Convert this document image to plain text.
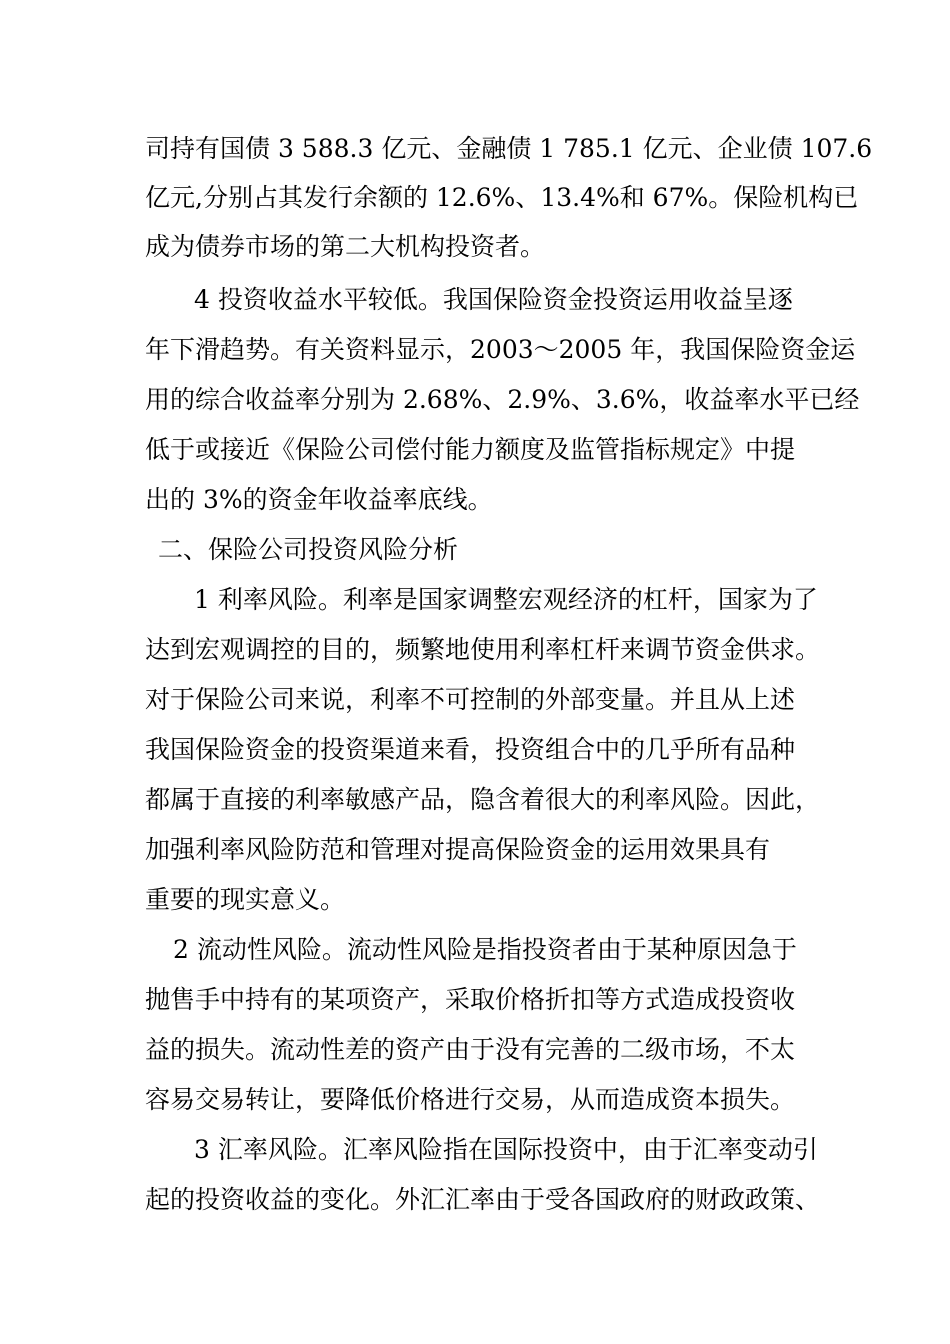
司持有国债 3 588.3 亿元、金融债 1 785.1 亿元、企业债 107.6
亿元,分别占其发行余额的 12.6%、13.4%和 67%。保险机构已
成为债券市场的第二大机构投资者。
4 投资收益水平较低。我国保险资金投资运用收益呈逐
年下滑趋势。有关资料显示，2003～2005 年，我国保险资金运
用的综合收益率分别为 2.68%、2.9%、3.6%，收益率水平已经
低于或接近《保险公司偿付能力额度及监管指标规定》中提
出的 3%的资金年收益率底线。
二、保险公司投资风险分析
1 利率风险。利率是国家调整宏观经济的杠杆，国家为了
达到宏观调控的目的，频繁地使用利率杠杆来调节资金供求。
对于保险公司来说，利率不可控制的外部变量。并且从上述
我国保险资金的投资渠道来看，投资组合中的几乎所有品种
都属于直接的利率敏感产品，隐含着很大的利率风险。因此，
加强利率风险防范和管理对提高保险资金的运用效果具有
重要的现实意义。
2 流动性风险。流动性风险是指投资者由于某种原因急于
抛售手中持有的某项资产，采取价格折扣等方式造成投资收
益的损失。流动性差的资产由于没有完善的二级市场，不太
容易交易转让，要降低价格进行交易，从而造成资本损失。
3 汇率风险。汇率风险指在国际投资中，由于汇率变动引
起的投资收益的变化。外汇汇率由于受各国政府的财政政策、
